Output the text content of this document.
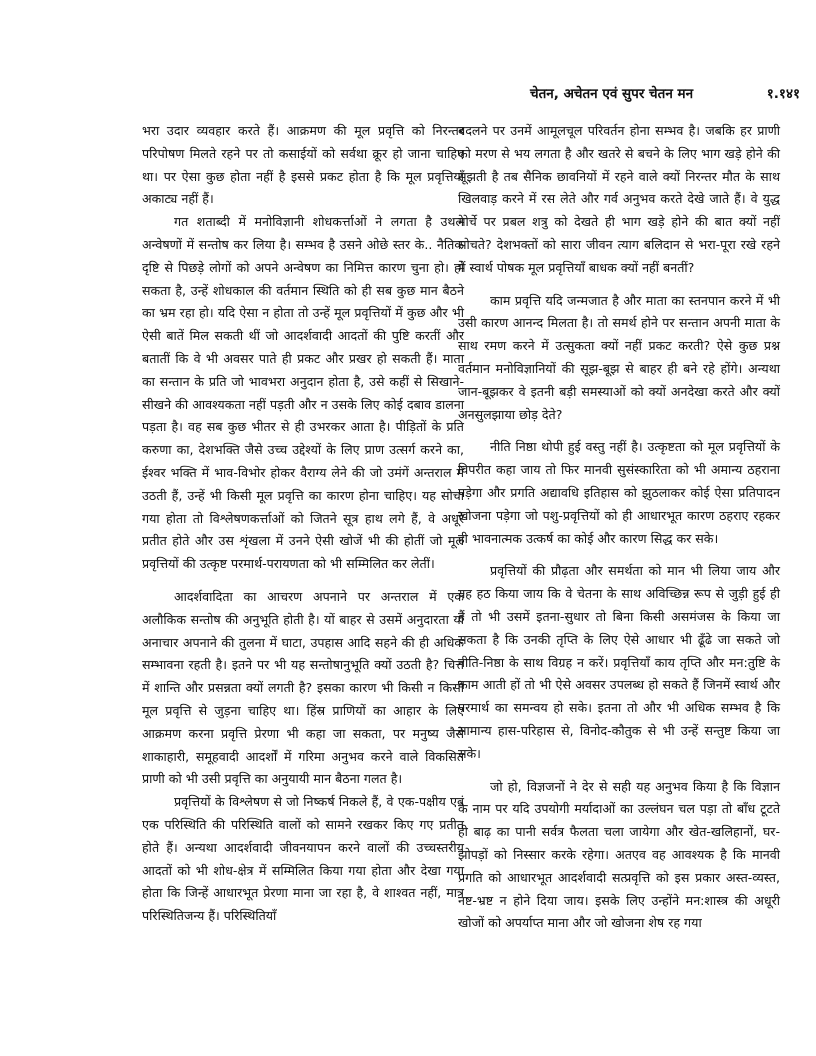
चेतन, अचेतन एवं सुपर चेतन मन	१.१४१

भरा उदार व्यवहार करते हैं। आक्रमण की मूल प्रवृत्ति को निरन्तर परिपोषण मिलते रहने पर तो कसाईयों को सर्वथा क्रूर हो जाना चाहिए था। पर ऐसा कुछ होता नहीं है इससे प्रकट होता है कि मूल प्रवृत्तियाँ अकाट्य नहीं हैं।

गत शताब्दी में मनोविज्ञानी शोधकर्त्ताओं ने लगता है उथले अन्वेषणों में सन्तोष कर लिया है। सम्भव है उसने ओछे स्तर के.. नैतिक दृष्टि से पिछड़े लोगों को अपने अन्वेषण का निमित्त कारण चुना हो। हो सकता है, उन्हें शोधकाल की वर्तमान स्थिति को ही सब कुछ मान बैठने का भ्रम रहा हो। यदि ऐसा न होता तो उन्हें मूल प्रवृत्तियों में कुछ और भी ऐसी बातें मिल सकती थीं जो आदर्शवादी आदतों की पुष्टि करतीं और बतातीं कि वे भी अवसर पाते ही प्रकट और प्रखर हो सकती हैं। माता का सन्तान के प्रति जो भावभरा अनुदान होता है, उसे कहीं से सिखाने-सीखने की आवश्यकता नहीं पड़ती और न उसके लिए कोई दबाव डालना पड़ता है। वह सब कुछ भीतर से ही उभरकर आता है। पीड़ितों के प्रति करुणा का, देशभक्ति जैसे उच्च उद्देश्यों के लिए प्राण उत्सर्ग करने का, ईश्वर भक्ति में भाव-विभोर होकर वैराग्य लेने की जो उमंगें अन्तराल में उठती हैं, उन्हें भी किसी मूल प्रवृत्ति का कारण होना चाहिए। यह सोचा गया होता तो विश्लेषणकर्त्ताओं को जितने सूत्र हाथ लगे हैं, वे अधूरे प्रतीत होते और उस शृंखला में उनने ऐसी खोजें भी की होतीं जो मूल प्रवृत्तियों की उत्कृष्ट परमार्थ-परायणता को भी सम्मिलित कर लेतीं।

आदर्शवादिता का आचरण अपनाने पर अन्तराल में एक अलौकिक सन्तोष की अनुभूति होती है। यों बाहर से उसमें अनुदारता या अनाचार अपनाने की तुलना में घाटा, उपहास आदि सहने की ही अधिक सम्भावना रहती है। इतने पर भी यह सन्तोषानुभूति क्यों उठती है? चित्त में शान्ति और प्रसन्नता क्यों लगती है? इसका कारण भी किसी न किसी मूल प्रवृत्ति से जुड़ना चाहिए था। हिंस्र प्राणियों का आहार के लिए आक्रमण करना प्रवृत्ति प्रेरणा भी कहा जा सकता, पर मनुष्य जैसे शाकाहारी, समूहवादी आदर्शों में गरिमा अनुभव करने वाले विकसित प्राणी को भी उसी प्रवृत्ति का अनुयायी मान बैठना गलत है।

प्रवृत्तियों के विश्लेषण से जो निष्कर्ष निकले हैं, वे एक-पक्षीय एवं एक परिस्थिति की परिस्थिति वालों को सामने रखकर किए गए प्रतीत होते हैं। अन्यथा आदर्शवादी जीवनयापन करने वालों की उच्चस्तरीय आदतों को भी शोध-क्षेत्र में सम्मिलित किया गया होता और देखा गया होता कि जिन्हें आधारभूत प्रेरणा माना जा रहा है, वे शाश्वत नहीं, मात्र परिस्थितिजन्य हैं। परिस्थितियाँ

बदलने पर उनमें आमूलचूल परिवर्तन होना सम्भव है। जबकि हर प्राणी को मरण से भय लगता है और खतरे से बचने के लिए भाग खड़े होने की सूझती है तब सैनिक छावनियों में रहने वाले क्यों निरन्तर मौत के साथ खिलवाड़ करने में रस लेते और गर्व अनुभव करते देखे जाते हैं। वे युद्ध मोर्चे पर प्रबल शत्रु को देखते ही भाग खड़े होने की बात क्यों नहीं सोचते? देशभक्तों को सारा जीवन त्याग बलिदान से भरा-पूरा रखे रहने में स्वार्थ पोषक मूल प्रवृत्तियाँ बाधक क्यों नहीं बनतीं?

काम प्रवृत्ति यदि जन्मजात है और माता का स्तनपान करने में भी उसी कारण आनन्द मिलता है। तो समर्थ होने पर सन्तान अपनी माता के साथ रमण करने में उत्सुकता क्यों नहीं प्रकट करती? ऐसे कुछ प्रश्न वर्तमान मनोविज्ञानियों की सूझ-बूझ से बाहर ही बने रहे होंगे। अन्यथा जान-बूझकर वे इतनी बड़ी समस्याओं को क्यों अनदेखा करते और क्यों अनसुलझाया छोड़ देते?

नीति निष्ठा थोपी हुई वस्तु नहीं है। उत्कृष्टता को मूल प्रवृत्तियों के विपरीत कहा जाय तो फिर मानवी सुसंस्कारिता को भी अमान्य ठहराना पड़ेगा और प्रगति अद्यावधि इतिहास को झुठलाकर कोई ऐसा प्रतिपादन खोजना पड़ेगा जो पशु-प्रवृत्तियों को ही आधारभूत कारण ठहराए रहकर ही भावनात्मक उत्कर्ष का कोई और कारण सिद्ध कर सके।

प्रवृत्तियों की प्रौढ़ता और समर्थता को मान भी लिया जाय और यह हठ किया जाय कि वे चेतना के साथ अविच्छिन्न रूप से जुड़ी हुई ही हैं तो भी उसमें इतना-सुधार तो बिना किसी असमंजस के किया जा सकता है कि उनकी तृप्ति के लिए ऐसे आधार भी ढूँढे जा सकते जो नीति-निष्ठा के साथ विग्रह न करें। प्रवृत्तियाँ काय तृप्ति और मन:तुष्टि के काम आती हों तो भी ऐसे अवसर उपलब्ध हो सकते हैं जिनमें स्वार्थ और परमार्थ का समन्वय हो सके। इतना तो और भी अधिक सम्भव है कि सामान्य हास-परिहास से, विनोद-कौतुक से भी उन्हें सन्तुष्ट किया जा सके।

जो हो, विज्ञजनों ने देर से सही यह अनुभव किया है कि विज्ञान के नाम पर यदि उपयोगी मर्यादाओं का उल्लंघन चल पड़ा तो बाँध टूटते ही बाढ़ का पानी सर्वत्र फैलता चला जायेगा और खेत-खलिहानों, घर-झोपड़ों को निस्सार करके रहेगा। अतएव वह आवश्यक है कि मानवी प्रगति को आधारभूत आदर्शवादी सत्प्रवृत्ति को इस प्रकार अस्त-व्यस्त, नष्ट-भ्रष्ट न होने दिया जाय। इसके लिए उन्होंने मन:शास्त्र की अधूरी खोजों को अपर्याप्त माना और जो खोजना शेष रह गया
